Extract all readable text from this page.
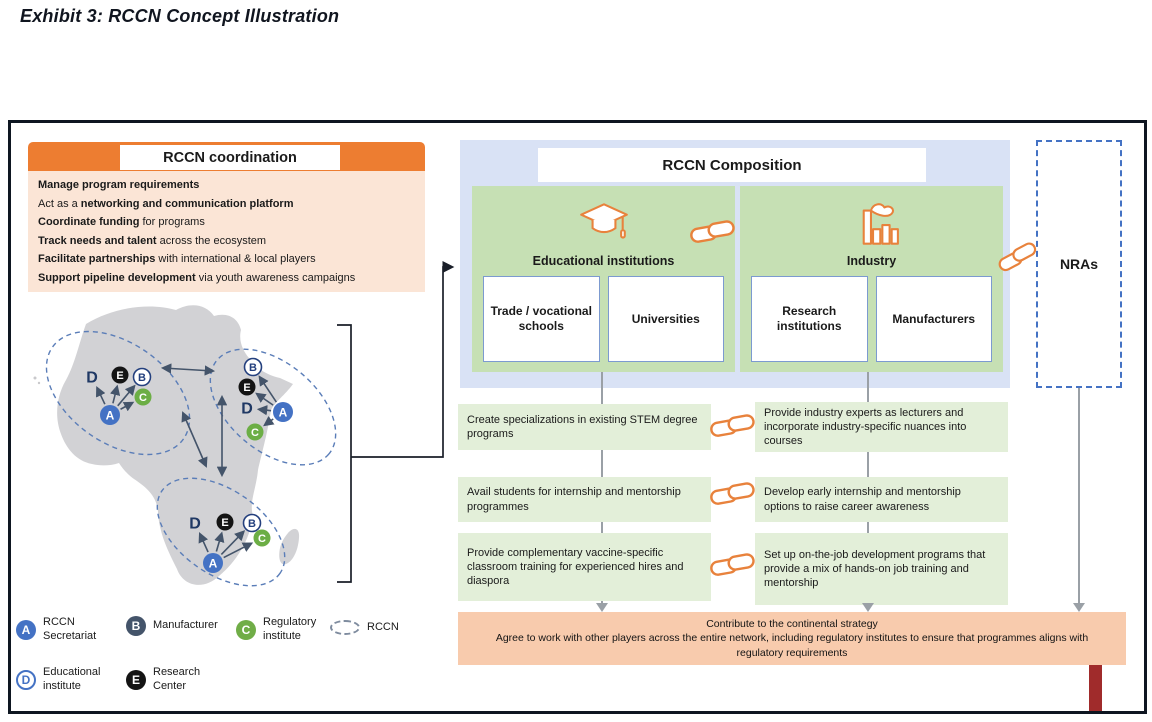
Exhibit 3: RCCN Concept Illustration
RCCN coordination
Manage program requirements
Act as a networking and communication platform
Coordinate funding for programs
Track needs and talent across the ecosystem
Facilitate partnerships with international & local players
Support pipeline development via youth awareness campaigns
D E B
C
A
B
E
D
C
A
D E B
C
A
RCCN Composition
Educational institutions
Trade / vocational schools
Universities
Industry
Research institutions
Manufacturers
NRAs
Create specializations in existing STEM degree programs
Provide industry experts as lecturers and incorporate industry-specific nuances into courses
Avail students for internship and mentorship programmes
Develop early internship and mentorship options to raise career awareness
Provide complementary vaccine-specific classroom training for experienced hires and diaspora
Set up on-the-job development programs that provide a mix of hands-on job training and mentorship
Contribute to the continental strategy
Agree to work with other players across the entire network, including regulatory institutes to ensure that programmes aligns with regulatory requirements
A
RCCN Secretariat
B	Manufacturer	C
Regulatory institute
RCCN
D
Educational institute	E
Research Center
